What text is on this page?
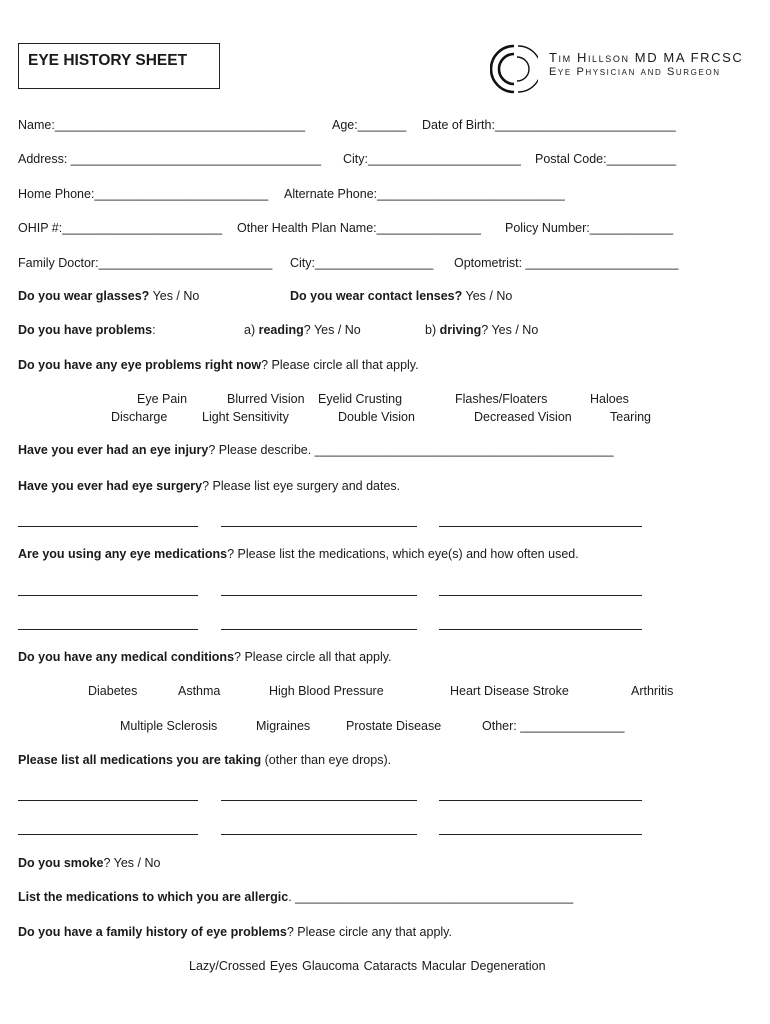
EYE HISTORY SHEET	Tim Hillson MD MA FRCSC
Eye Physician and Surgeon
Name:____________________________________ Age:_______ Date of Birth:__________________________
Address: ____________________________________ City:______________________ Postal Code:__________
Home Phone:_________________________ Alternate Phone:___________________________
OHIP #:_______________________ Other Health Plan Name:_______________ Policy Number:____________
Family Doctor:_________________________ City:_________________ Optometrist: ______________________
Do you wear glasses? Yes / No	Do you wear contact lenses? Yes / No
Do you have problems:	a) reading? Yes / No	b) driving? Yes / No
Do you have any eye problems right now? Please circle all that apply.
Eye Pain	Blurred Vision Eyelid Crusting	Flashes/Floaters	Haloes
Discharge	Light Sensitivity	Double Vision	Decreased Vision	Tearing
Have you ever had an eye injury? Please describe. ___________________________________________
Have you ever had eye surgery? Please list eye surgery and dates.
Are you using any eye medications? Please list the medications, which eye(s) and how often used.
Do you have any medical conditions? Please circle all that apply.
Diabetes	Asthma	High Blood Pressure	Heart Disease Stroke	Arthritis
Multiple Sclerosis	Migraines	Prostate Disease	Other: _______________
Please list all medications you are taking (other than eye drops).
Do you smoke? Yes / No
List the medications to which you are allergic. ________________________________________
Do you have a family history of eye problems? Please circle any that apply.
Lazy/Crossed Eyes Glaucoma Cataracts Macular Degeneration
